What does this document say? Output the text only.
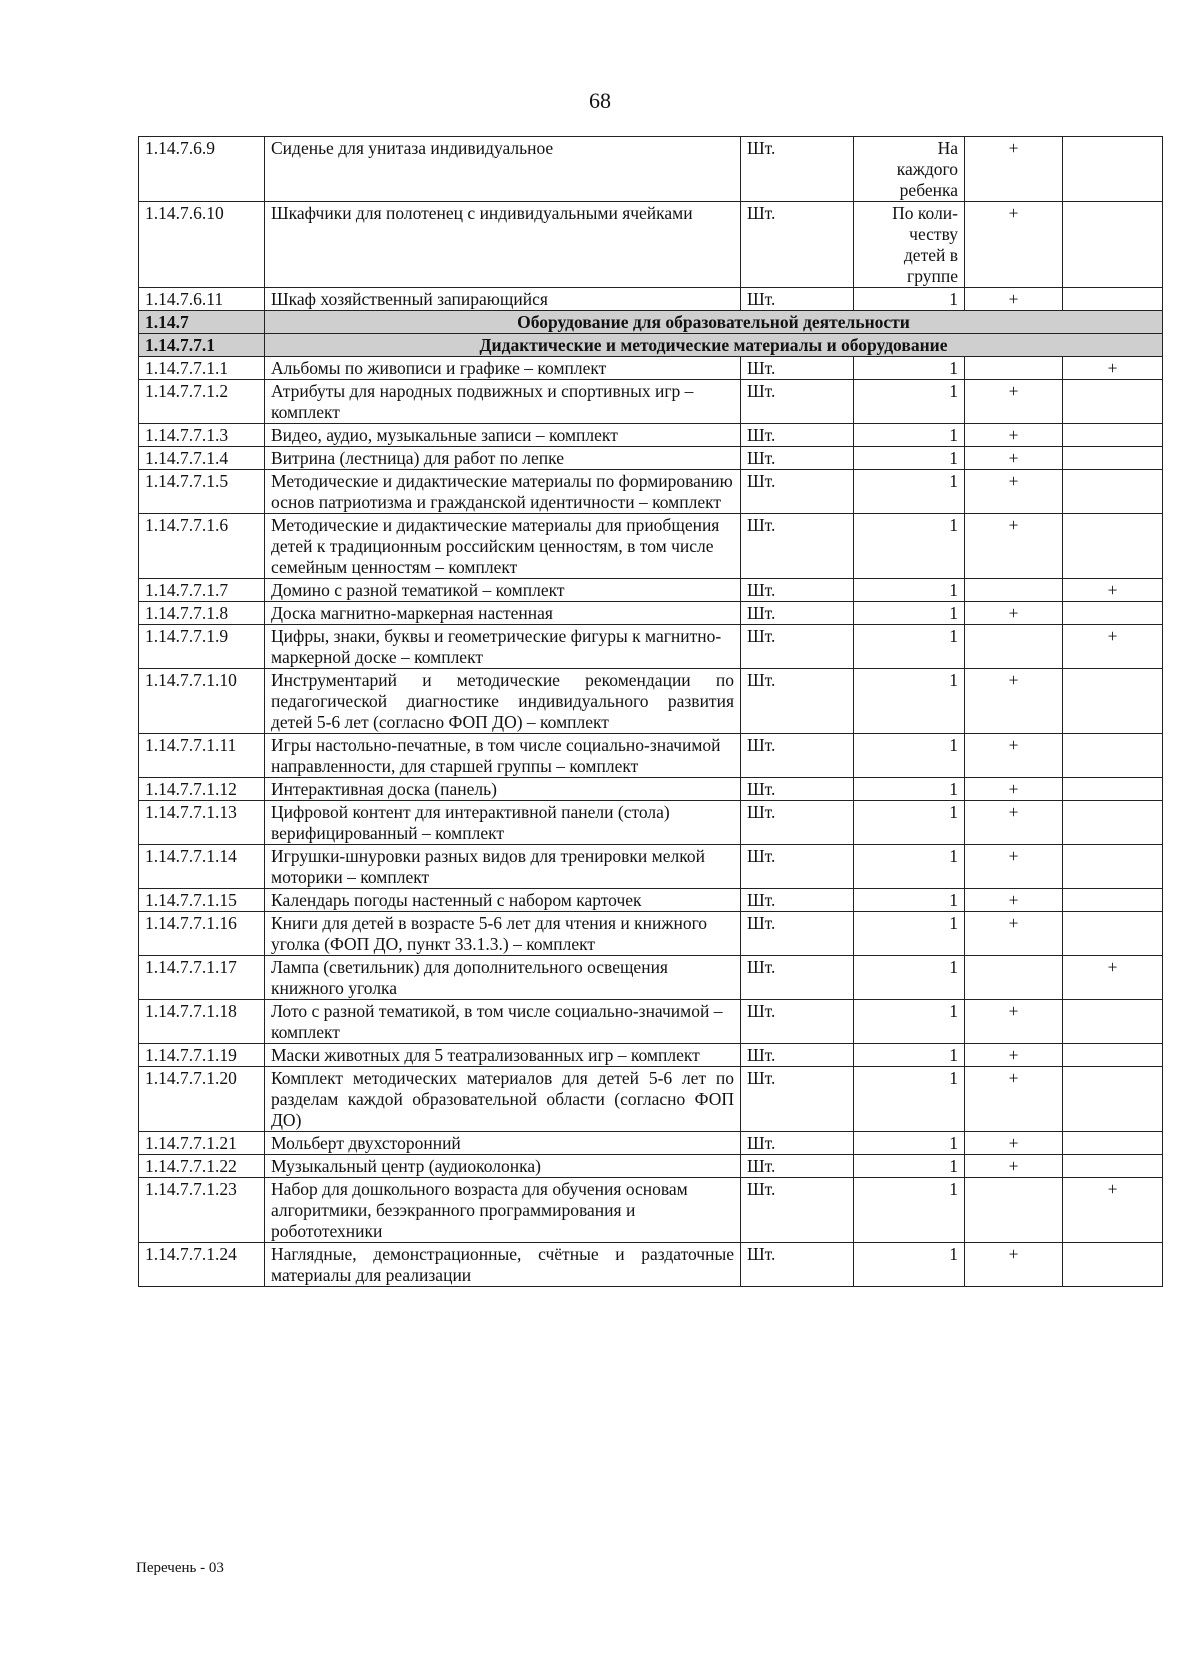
68
1.14.7.6.9	Сиденье для унитаза индивидуальное	Шт.	На каждого ребенка	+	
1.14.7.6.10	Шкафчики для полотенец с индивидуальными ячейками	Шт.	По коли-честву детей в группе	+	
1.14.7.6.11	Шкаф хозяйственный запирающийся	Шт.	1	+	
1.14.7	Оборудование для образовательной деятельности				
1.14.7.7.1	Дидактические и методические материалы и оборудование				
1.14.7.7.1.1	Альбомы по живописи и графике – комплект	Шт.	1		+
1.14.7.7.1.2	Атрибуты для народных подвижных и спортивных игр – комплект	Шт.	1	+	
1.14.7.7.1.3	Видео, аудио, музыкальные записи – комплект	Шт.	1	+	
1.14.7.7.1.4	Витрина (лестница) для работ по лепке	Шт.	1	+	
1.14.7.7.1.5	Методические и дидактические материалы по формированию основ патриотизма и гражданской идентичности – комплект	Шт.	1	+	
1.14.7.7.1.6	Методические и дидактические материалы для приобщения детей к традиционным российским ценностям, в том числе семейным ценностям – комплект	Шт.	1	+	
1.14.7.7.1.7	Домино с разной тематикой – комплект	Шт.	1		+
1.14.7.7.1.8	Доска магнитно-маркерная настенная	Шт.	1	+	
1.14.7.7.1.9	Цифры, знаки, буквы и геометрические фигуры к магнитно-маркерной доске – комплект	Шт.	1		+
1.14.7.7.1.10	Инструментарий и методические рекомендации по педагогической диагностике индивидуального развития детей 5-6 лет (согласно ФОП ДО) – комплект	Шт.	1	+	
1.14.7.7.1.11	Игры настольно-печатные, в том числе социально-значимой направленности, для старшей группы – комплект	Шт.	1	+	
1.14.7.7.1.12	Интерактивная доска (панель)	Шт.	1	+	
1.14.7.7.1.13	Цифровой контент для интерактивной панели (стола) верифицированный – комплект	Шт.	1	+	
1.14.7.7.1.14	Игрушки-шнуровки разных видов для тренировки мелкой моторики – комплект	Шт.	1	+	
1.14.7.7.1.15	Календарь погоды настенный с набором карточек	Шт.	1	+	
1.14.7.7.1.16	Книги для детей в возрасте 5-6 лет для чтения и книжного уголка (ФОП ДО, пункт 33.1.3.) – комплект	Шт.	1	+	
1.14.7.7.1.17	Лампа (светильник) для дополнительного освещения книжного уголка	Шт.	1		+
1.14.7.7.1.18	Лото с разной тематикой, в том числе социально-значимой – комплект	Шт.	1	+	
1.14.7.7.1.19	Маски животных для 5 театрализованных игр – комплект	Шт.	1	+	
1.14.7.7.1.20	Комплект методических материалов для детей 5-6 лет по разделам каждой образовательной области (согласно ФОП ДО)	Шт.	1	+	
1.14.7.7.1.21	Мольберт двухсторонний	Шт.	1	+	
1.14.7.7.1.22	Музыкальный центр (аудиоколонка)	Шт.	1	+	
1.14.7.7.1.23	Набор для дошкольного возраста для обучения основам алгоритмики, безэкранного программирования и робототехники	Шт.	1		+
1.14.7.7.1.24	Наглядные, демонстрационные, счётные и раздаточные материалы для реализации	Шт.	1	+	
Перечень - 03
